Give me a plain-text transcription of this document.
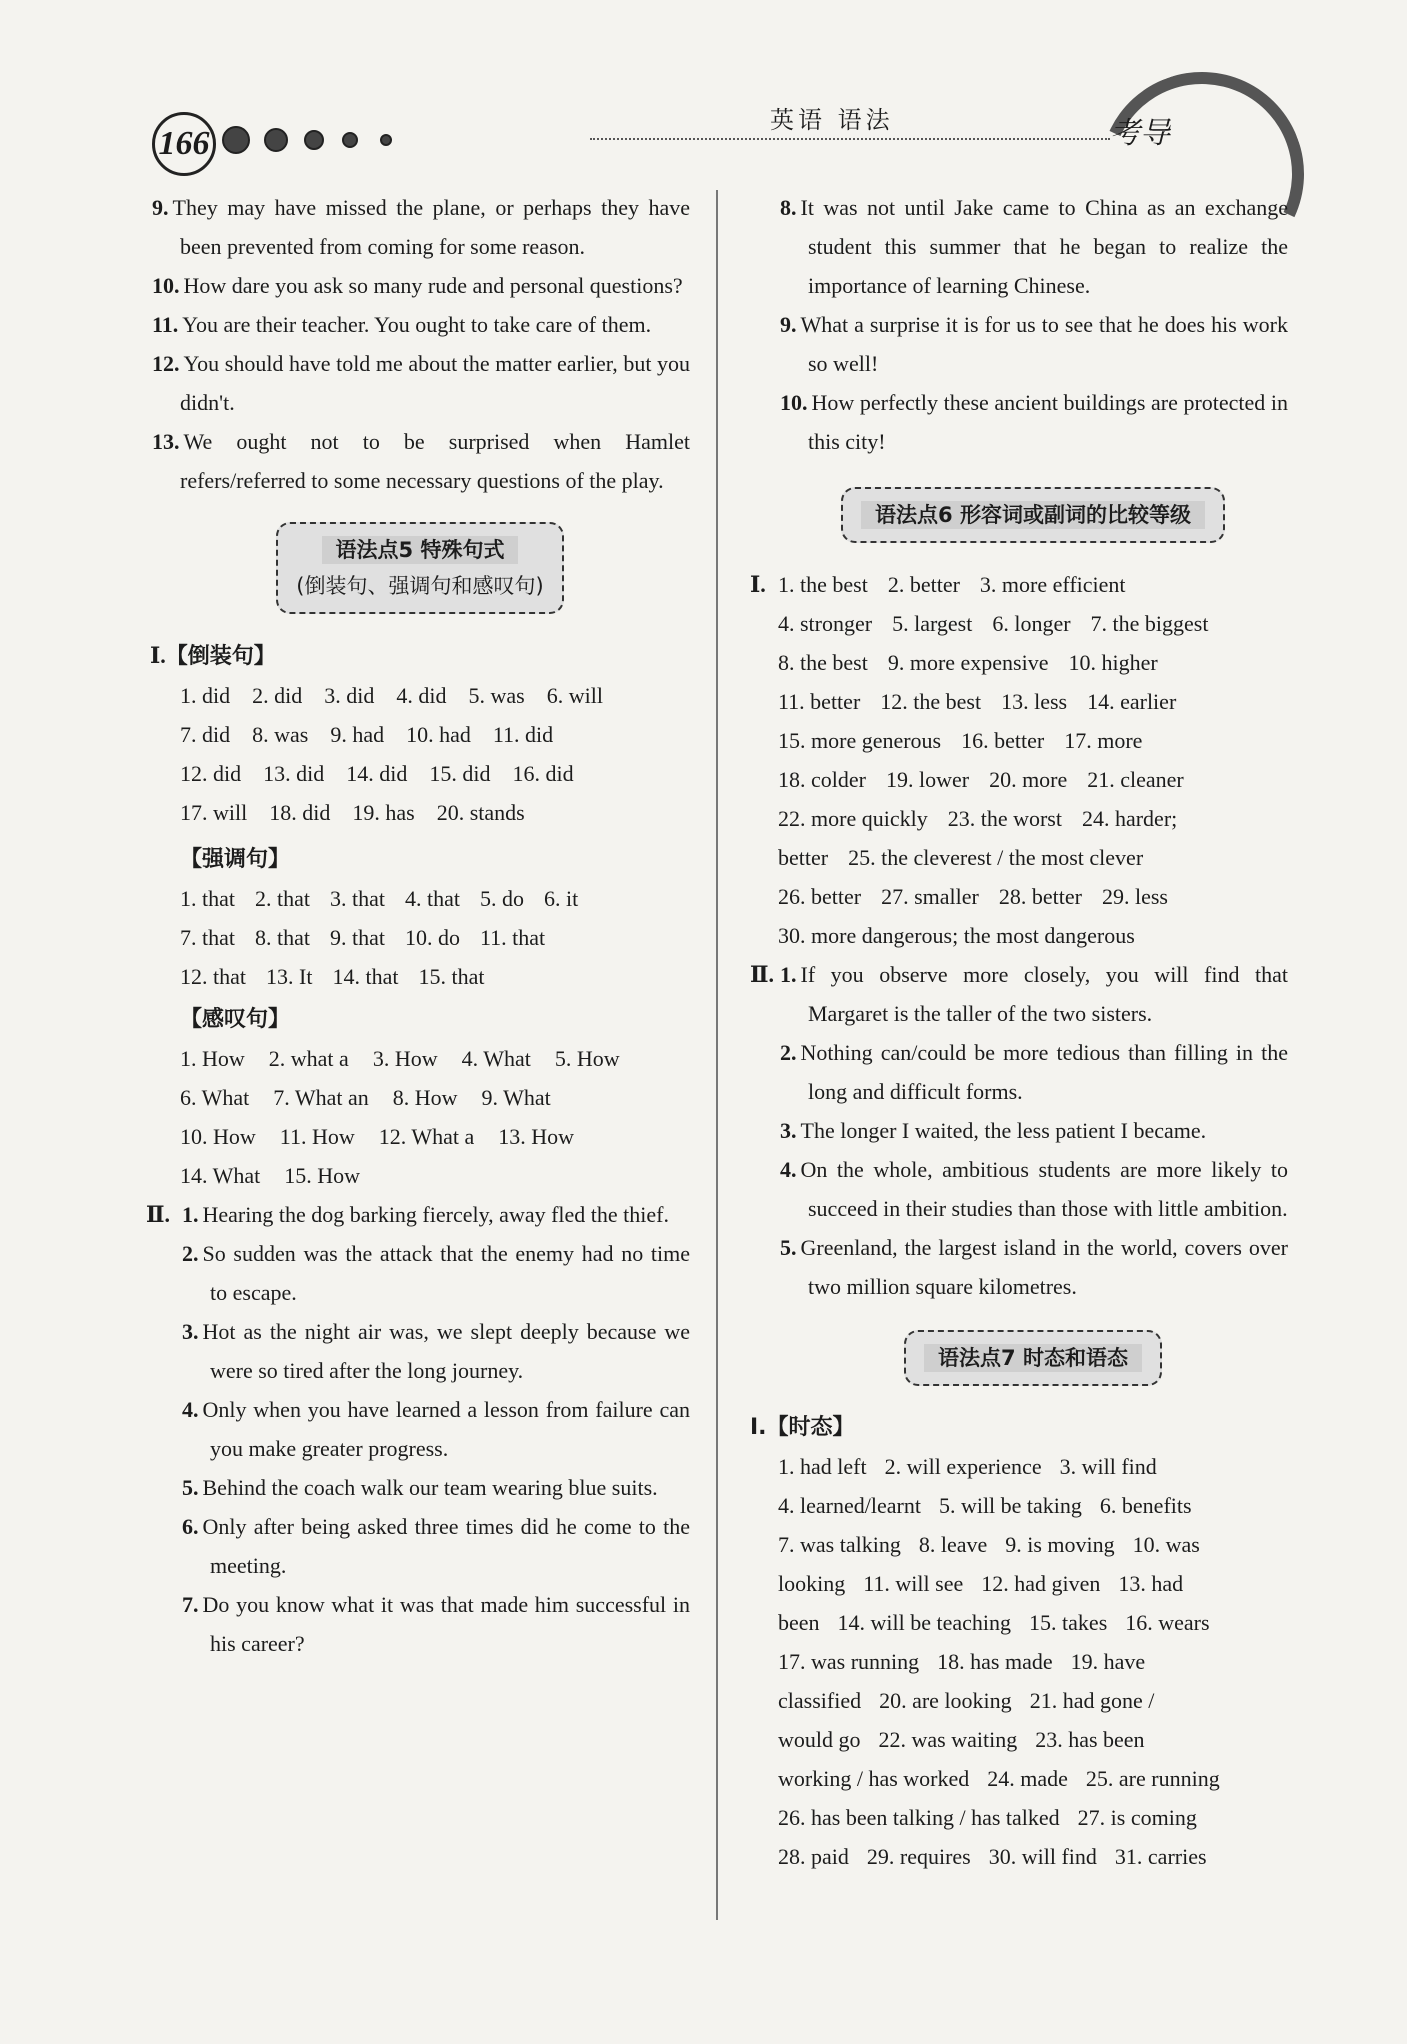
166
英语 语法	考导
9. They may have missed the plane, or perhaps they have been prevented from coming for some reason.
10. How dare you ask so many rude and personal questions?
11. You are their teacher. You ought to take care of them.
12. You should have told me about the matter earlier, but you didn't.
13. We ought not to be surprised when Hamlet refers/referred to some necessary questions of the play.
语法点5 特殊句式
(倒装句、强调句和感叹句)
Ⅰ.【倒装句】
1. did 2. did 3. did 4. did 5. was 6. will
7. did 8. was 9. had 10. had 11. did
12. did 13. did 14. did 15. did 16. did
17. will 18. did 19. has 20. stands
【强调句】
1. that 2. that 3. that 4. that 5. do 6. it
7. that 8. that 9. that 10. do 11. that
12. that 13. It 14. that 15. that
【感叹句】
1. How 2. what a 3. How 4. What 5. How
6. What 7. What an 8. How 9. What
10. How 11. How 12. What a 13. How
14. What 15. How
Ⅱ. 1. Hearing the dog barking fiercely, away fled the thief.
2. So sudden was the attack that the enemy had no time to escape.
3. Hot as the night air was, we slept deeply because we were so tired after the long journey.
4. Only when you have learned a lesson from failure can you make greater progress.
5. Behind the coach walk our team wearing blue suits.
6. Only after being asked three times did he come to the meeting.
7. Do you know what it was that made him successful in his career?
8. It was not until Jake came to China as an exchange student this summer that he began to realize the importance of learning Chinese.
9. What a surprise it is for us to see that he does his work so well!
10. How perfectly these ancient buildings are protected in this city!
语法点6 形容词或副词的比较等级
Ⅰ. 1. the best 2. better 3. more efficient
4. stronger 5. largest 6. longer 7. the biggest
8. the best 9. more expensive 10. higher
11. better 12. the best 13. less 14. earlier
15. more generous 16. better 17. more
18. colder 19. lower 20. more 21. cleaner
22. more quickly 23. the worst 24. harder;
better 25. the cleverest / the most clever
26. better 27. smaller 28. better 29. less
30. more dangerous; the most dangerous
Ⅱ. 1. If you observe more closely, you will find that Margaret is the taller of the two sisters.
2. Nothing can/could be more tedious than filling in the long and difficult forms.
3. The longer I waited, the less patient I became.
4. On the whole, ambitious students are more likely to succeed in their studies than those with little ambition.
5. Greenland, the largest island in the world, covers over two million square kilometres.
语法点7 时态和语态
Ⅰ.【时态】
1. had left 2. will experience 3. will find
4. learned/learnt 5. will be taking 6. benefits
7. was talking 8. leave 9. is moving 10. was
looking 11. will see 12. had given 13. had
been 14. will be teaching 15. takes 16. wears
17. was running 18. has made 19. have
classified 20. are looking 21. had gone /
would go 22. was waiting 23. has been
working / has worked 24. made 25. are running
26. has been talking / has talked 27. is coming
28. paid 29. requires 30. will find 31. carries
